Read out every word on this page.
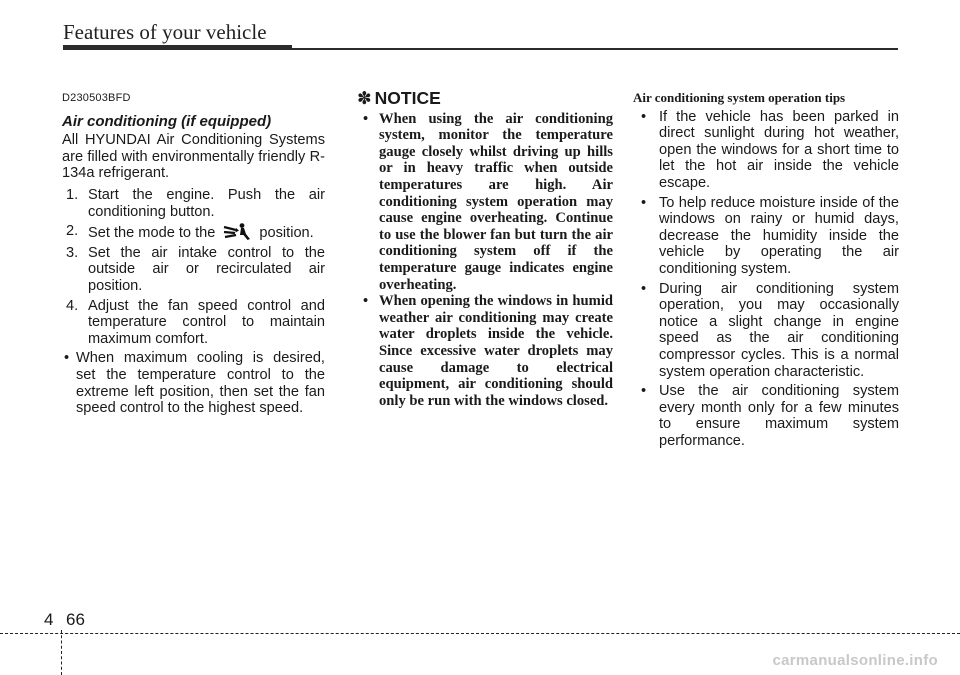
Features of your vehicle
D230503BFD
Air conditioning (if equipped)
All HYUNDAI Air Conditioning Systems are filled with environmentally friendly R-134a refrigerant.
1. Start the engine. Push the air conditioning button.
2. Set the mode to the	position.
3. Set the air intake control to the outside air or recirculated air position.
4. Adjust the fan speed control and temperature control to maintain maximum comfort.
• When maximum cooling is desired, set the temperature control to the extreme left position, then set the fan speed control to the highest speed.
✽ NOTICE
• When using the air conditioning system, monitor the temperature gauge closely whilst driving up hills or in heavy traffic when outside temperatures are high. Air conditioning system operation may cause engine overheating. Continue to use the blower fan but turn the air conditioning system off if the temperature gauge indicates engine overheating.
• When opening the windows in humid weather air conditioning may create water droplets inside the vehicle. Since excessive water droplets may cause damage to electrical equipment, air conditioning should only be run with the windows closed.
Air conditioning system operation tips
• If the vehicle has been parked in direct sunlight during hot weather, open the windows for a short time to let the hot air inside the vehicle escape.
• To help reduce moisture inside of the windows on rainy or humid days, decrease the humidity inside the vehicle by operating the air conditioning system.
• During air conditioning system operation, you may occasionally notice a slight change in engine speed as the air conditioning compressor cycles. This is a normal system operation characteristic.
• Use the air conditioning system every month only for a few minutes to ensure maximum system performance.
4 66
carmanualsonline.info
